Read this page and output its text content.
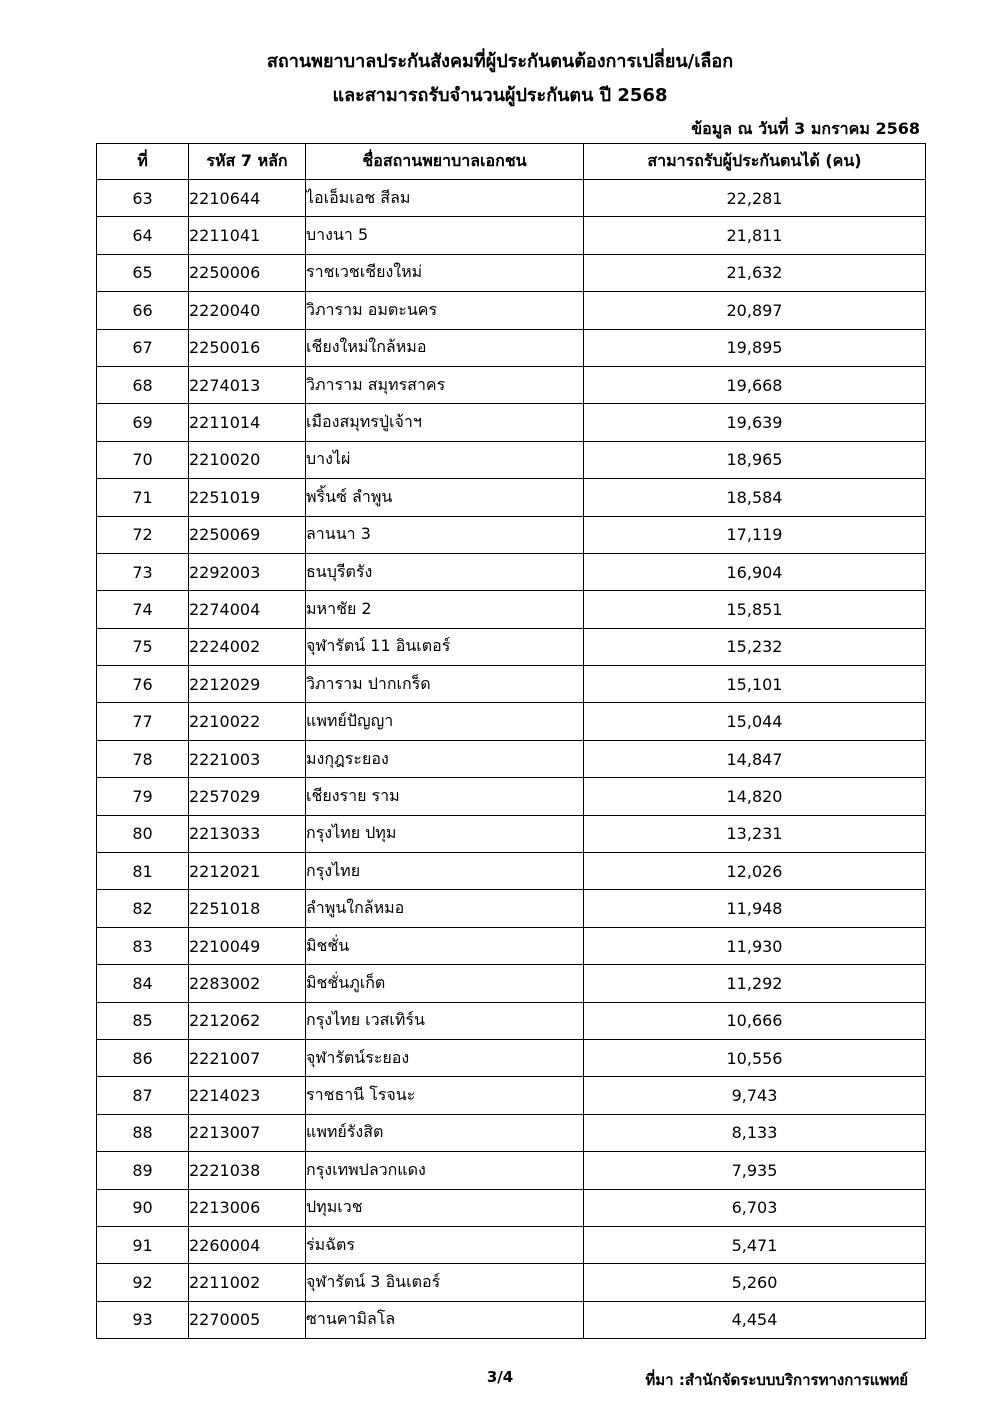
สถานพยาบาลประกันสังคมที่ผู้ประกันตนต้องการเปลี่ยน/เลือก
และสามารถรับจำนวนผู้ประกันตน ปี 2568
ข้อมูล ณ วันที่ 3 มกราคม 2568
ที่	รหัส 7 หลัก	ชื่อสถานพยาบาลเอกชน	สามารถรับผู้ประกันตนได้ (คน)
63	2210644	ไอเอ็มเอช สีลม	22,281
64	2211041	บางนา 5	21,811
65	2250006	ราชเวชเชียงใหม่	21,632
66	2220040	วิภาราม อมตะนคร	20,897
67	2250016	เชียงใหม่ใกล้หมอ	19,895
68	2274013	วิภาราม สมุทรสาคร	19,668
69	2211014	เมืองสมุทรปู่เจ้าฯ	19,639
70	2210020	บางไผ่	18,965
71	2251019	พริ้นซ์ ลำพูน	18,584
72	2250069	ลานนา 3	17,119
73	2292003	ธนบุรีตรัง	16,904
74	2274004	มหาชัย 2	15,851
75	2224002	จุฬารัตน์ 11 อินเตอร์	15,232
76	2212029	วิภาราม ปากเกร็ด	15,101
77	2210022	แพทย์ปัญญา	15,044
78	2221003	มงกุฎระยอง	14,847
79	2257029	เชียงราย ราม	14,820
80	2213033	กรุงไทย ปทุม	13,231
81	2212021	กรุงไทย	12,026
82	2251018	ลำพูนใกล้หมอ	11,948
83	2210049	มิชชั่น	11,930
84	2283002	มิชชั่นภูเก็ต	11,292
85	2212062	กรุงไทย เวสเทิร์น	10,666
86	2221007	จุฬารัตน์ระยอง	10,556
87	2214023	ราชธานี โรจนะ	9,743
88	2213007	แพทย์รังสิต	8,133
89	2221038	กรุงเทพปลวกแดง	7,935
90	2213006	ปทุมเวช	6,703
91	2260004	ร่มฉัตร	5,471
92	2211002	จุฬารัตน์ 3 อินเตอร์	5,260
93	2270005	ซานคามิลโล	4,454
3/4	ที่มา :สำนักจัดระบบบริการทางการแพทย์
